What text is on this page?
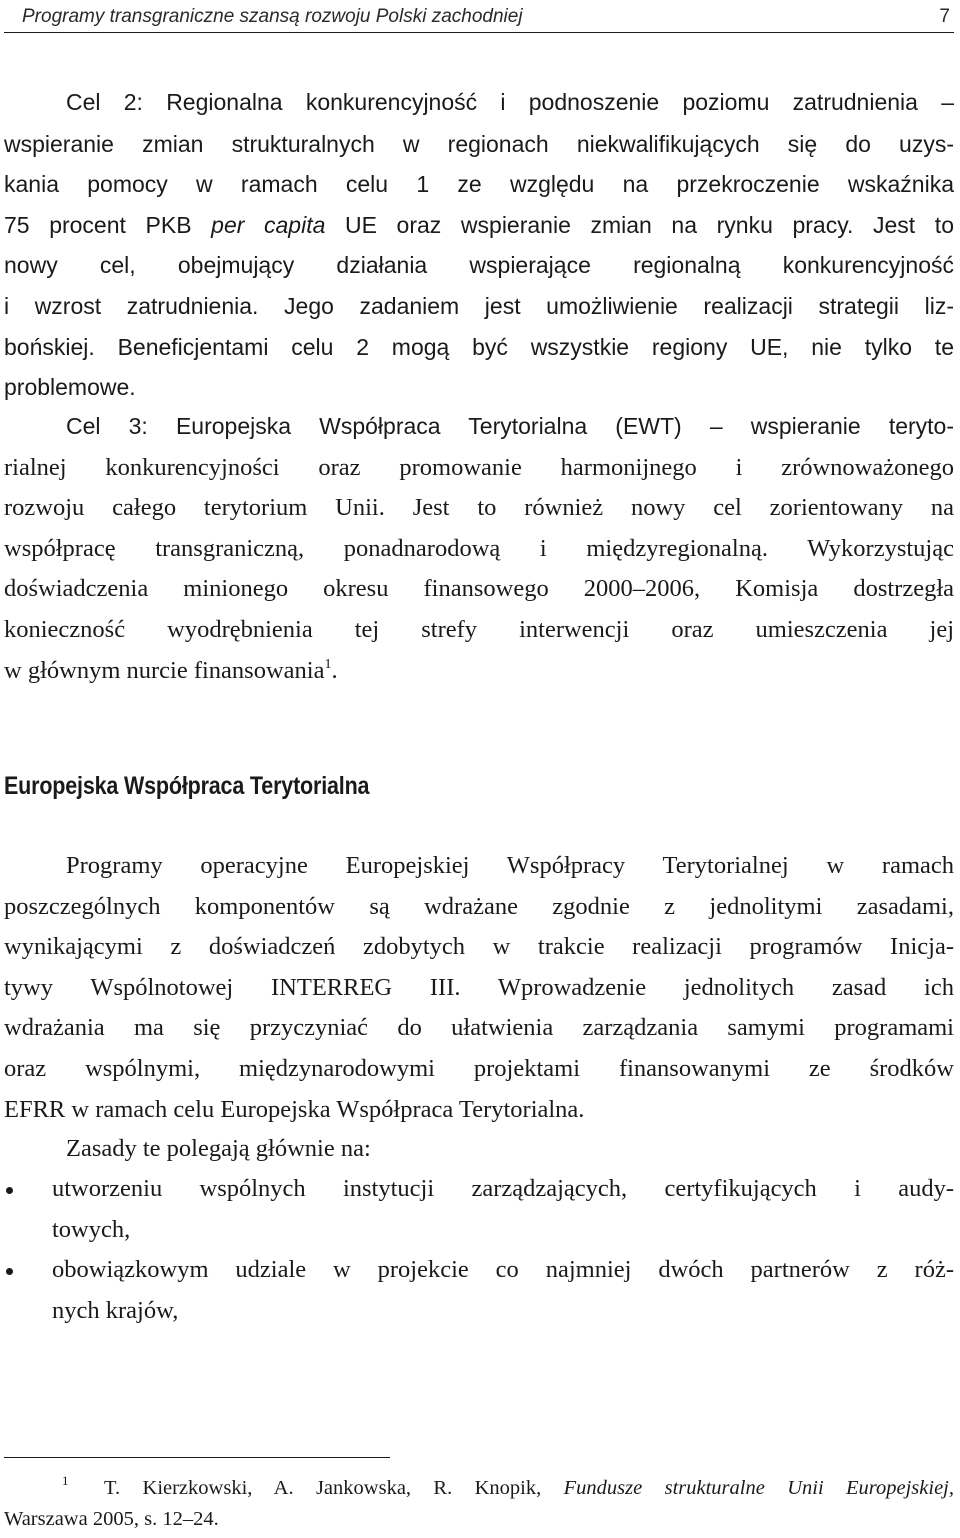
Programy transgraniczne szansą rozwoju Polski zachodniej	7
Cel 2: Regionalna konkurencyjność i podnoszenie poziomu zatrudnienia –
wspieranie zmian strukturalnych w regionach niekwalifikujących się do uzys-
kania pomocy w ramach celu 1 ze względu na przekroczenie wskaźnika
75 procent PKB per capita UE oraz wspieranie zmian na rynku pracy. Jest to
nowy cel, obejmujący działania wspierające regionalną konkurencyjność
i wzrost zatrudnienia. Jego zadaniem jest umożliwienie realizacji strategii liz-
bońskiej. Beneficjentami celu 2 mogą być wszystkie regiony UE, nie tylko te
problemowe.
Cel 3: Europejska Współpraca Terytorialna (EWT) – wspieranie teryto-
rialnej konkurencyjności oraz promowanie harmonijnego i zrównoważonego
rozwoju całego terytorium Unii. Jest to również nowy cel zorientowany na
współpracę transgraniczną, ponadnarodową i międzyregionalną. Wykorzystując
doświadczenia minionego okresu finansowego 2000–2006, Komisja dostrzegła
konieczność wyodrębnienia tej strefy interwencji oraz umieszczenia jej
w głównym nurcie finansowania$^1$.
Europejska Współpraca Terytorialna
Programy operacyjne Europejskiej Współpracy Terytorialnej w ramach
poszczególnych komponentów są wdrażane zgodnie z jednolitymi zasadami,
wynikającymi z doświadczeń zdobytych w trakcie realizacji programów Inicja-
tywy Wspólnotowej INTERREG III. Wprowadzenie jednolitych zasad ich
wdrażania ma się przyczyniać do ułatwienia zarządzania samymi programami
oraz wspólnymi, międzynarodowymi projektami finansowanymi ze środków
EFRR w ramach celu Europejska Współpraca Terytorialna.
Zasady te polegają głównie na:
utworzeniu wspólnych instytucji zarządzających, certyfikujących i audy-
towych,
obowiązkowym udziale w projekcie co najmniej dwóch partnerów z róż-
nych krajów,
1 T. Kierzkowski, A. Jankowska, R. Knopik, Fundusze strukturalne Unii Europejskiej,
Warszawa 2005, s. 12–24.
